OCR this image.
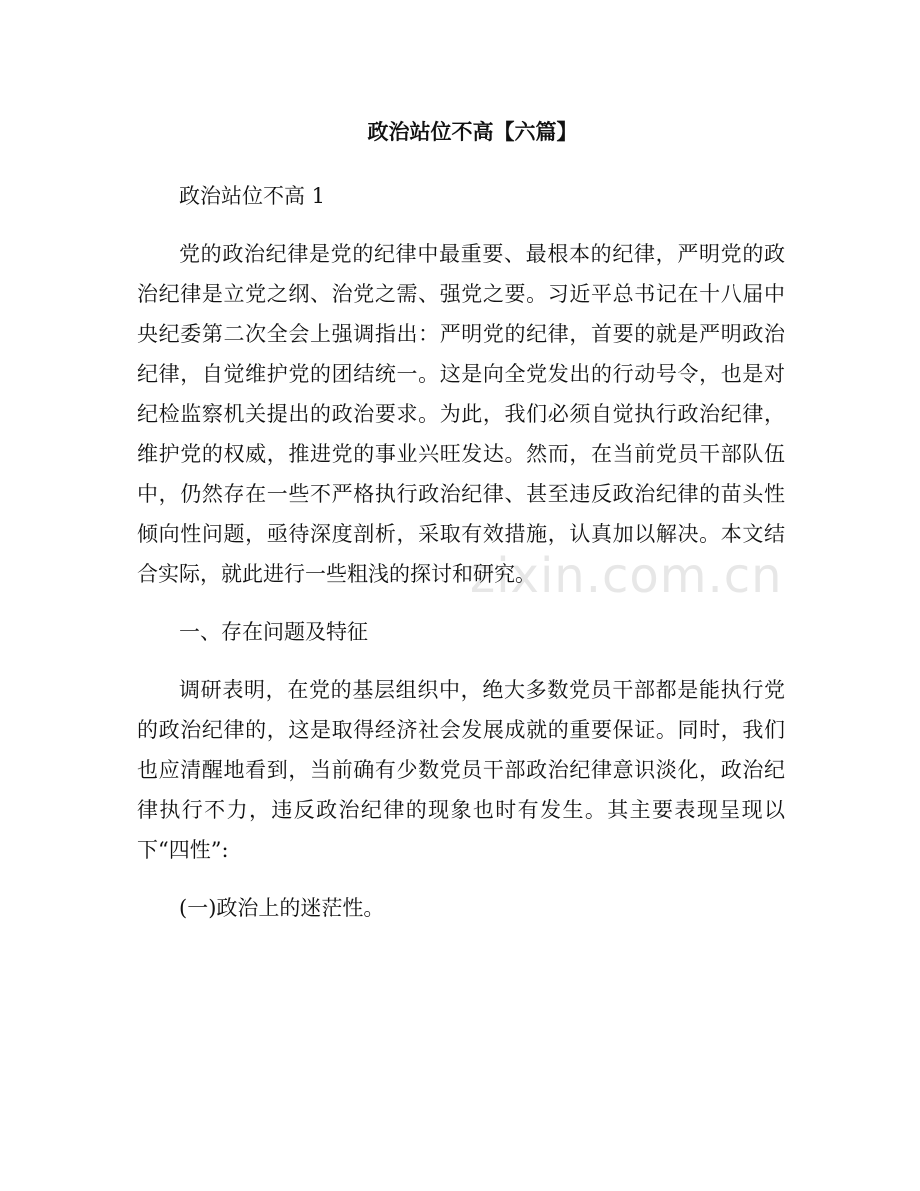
zixin.com.cn
政治站位不高【六篇】

政治站位不高 1

党的政治纪律是党的纪律中最重要、最根本的纪律，严明党的政治纪律是立党之纲、治党之需、强党之要。习近平总书记在十八届中央纪委第二次全会上强调指出：严明党的纪律，首要的就是严明政治纪律，自觉维护党的团结统一。这是向全党发出的行动号令，也是对纪检监察机关提出的政治要求。为此，我们必须自觉执行政治纪律，维护党的权威，推进党的事业兴旺发达。然而，在当前党员干部队伍中，仍然存在一些不严格执行政治纪律、甚至违反政治纪律的苗头性倾向性问题，亟待深度剖析，采取有效措施，认真加以解决。本文结合实际，就此进行一些粗浅的探讨和研究。

一、存在问题及特征

调研表明，在党的基层组织中，绝大多数党员干部都是能执行党的政治纪律的，这是取得经济社会发展成就的重要保证。同时，我们也应清醒地看到，当前确有少数党员干部政治纪律意识淡化，政治纪律执行不力，违反政治纪律的现象也时有发生。其主要表现呈现以下“四性”:

(一)政治上的迷茫性。
